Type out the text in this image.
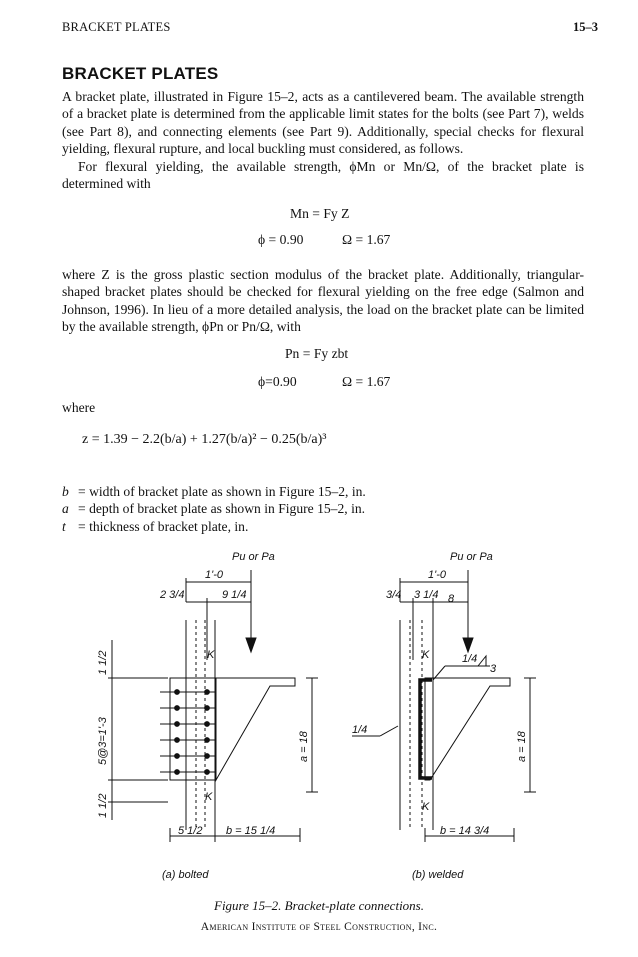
BRACKET PLATES	15–3
BRACKET PLATES

A bracket plate, illustrated in Figure 15–2, acts as a cantilevered beam. The available strength of a bracket plate is determined from the applicable limit states for the bolts (see Part 7), welds (see Part 8), and connecting elements (see Part 9). Additionally, special checks for flexural yielding, flexural rupture, and local buckling must considered, as follows.

For flexural yielding, the available strength, ϕMn or Mn/Ω, of the bracket plate is determined with

Mn = Fy Z
ϕ = 0.90	Ω = 1.67

where Z is the gross plastic section modulus of the bracket plate. Additionally, triangular-shaped bracket plates should be checked for flexural yielding on the free edge (Salmon and Johnson, 1996). In lieu of a more detailed analysis, the load on the bracket plate can be limited by the available strength, ϕPn or Pn/Ω, with

Pn = Fy zbt
ϕ=0.90	Ω = 1.67
where
z = 1.39 − 2.2(b/a) + 1.27(b/a)² − 0.25(b/a)³
b = width of bracket plate as shown in Figure 15–2, in.
a = depth of bracket plate as shown in Figure 15–2, in.
t = thickness of bracket plate, in.
Pu or Pa
1'-0
2 3/4	9 1/4
K
K
5 1/2 b = 15 1/4
a = 18
1 1/2
5@3=1'-3
1 1/2
(a) bolted
Pu or Pa
1'-0
3/4 3 1/4 8
K
K
1/4
3
1/4
b = 14 3/4
a = 18
(b) welded
Figure 15–2. Bracket-plate connections.
American Institute of Steel Construction, Inc.
